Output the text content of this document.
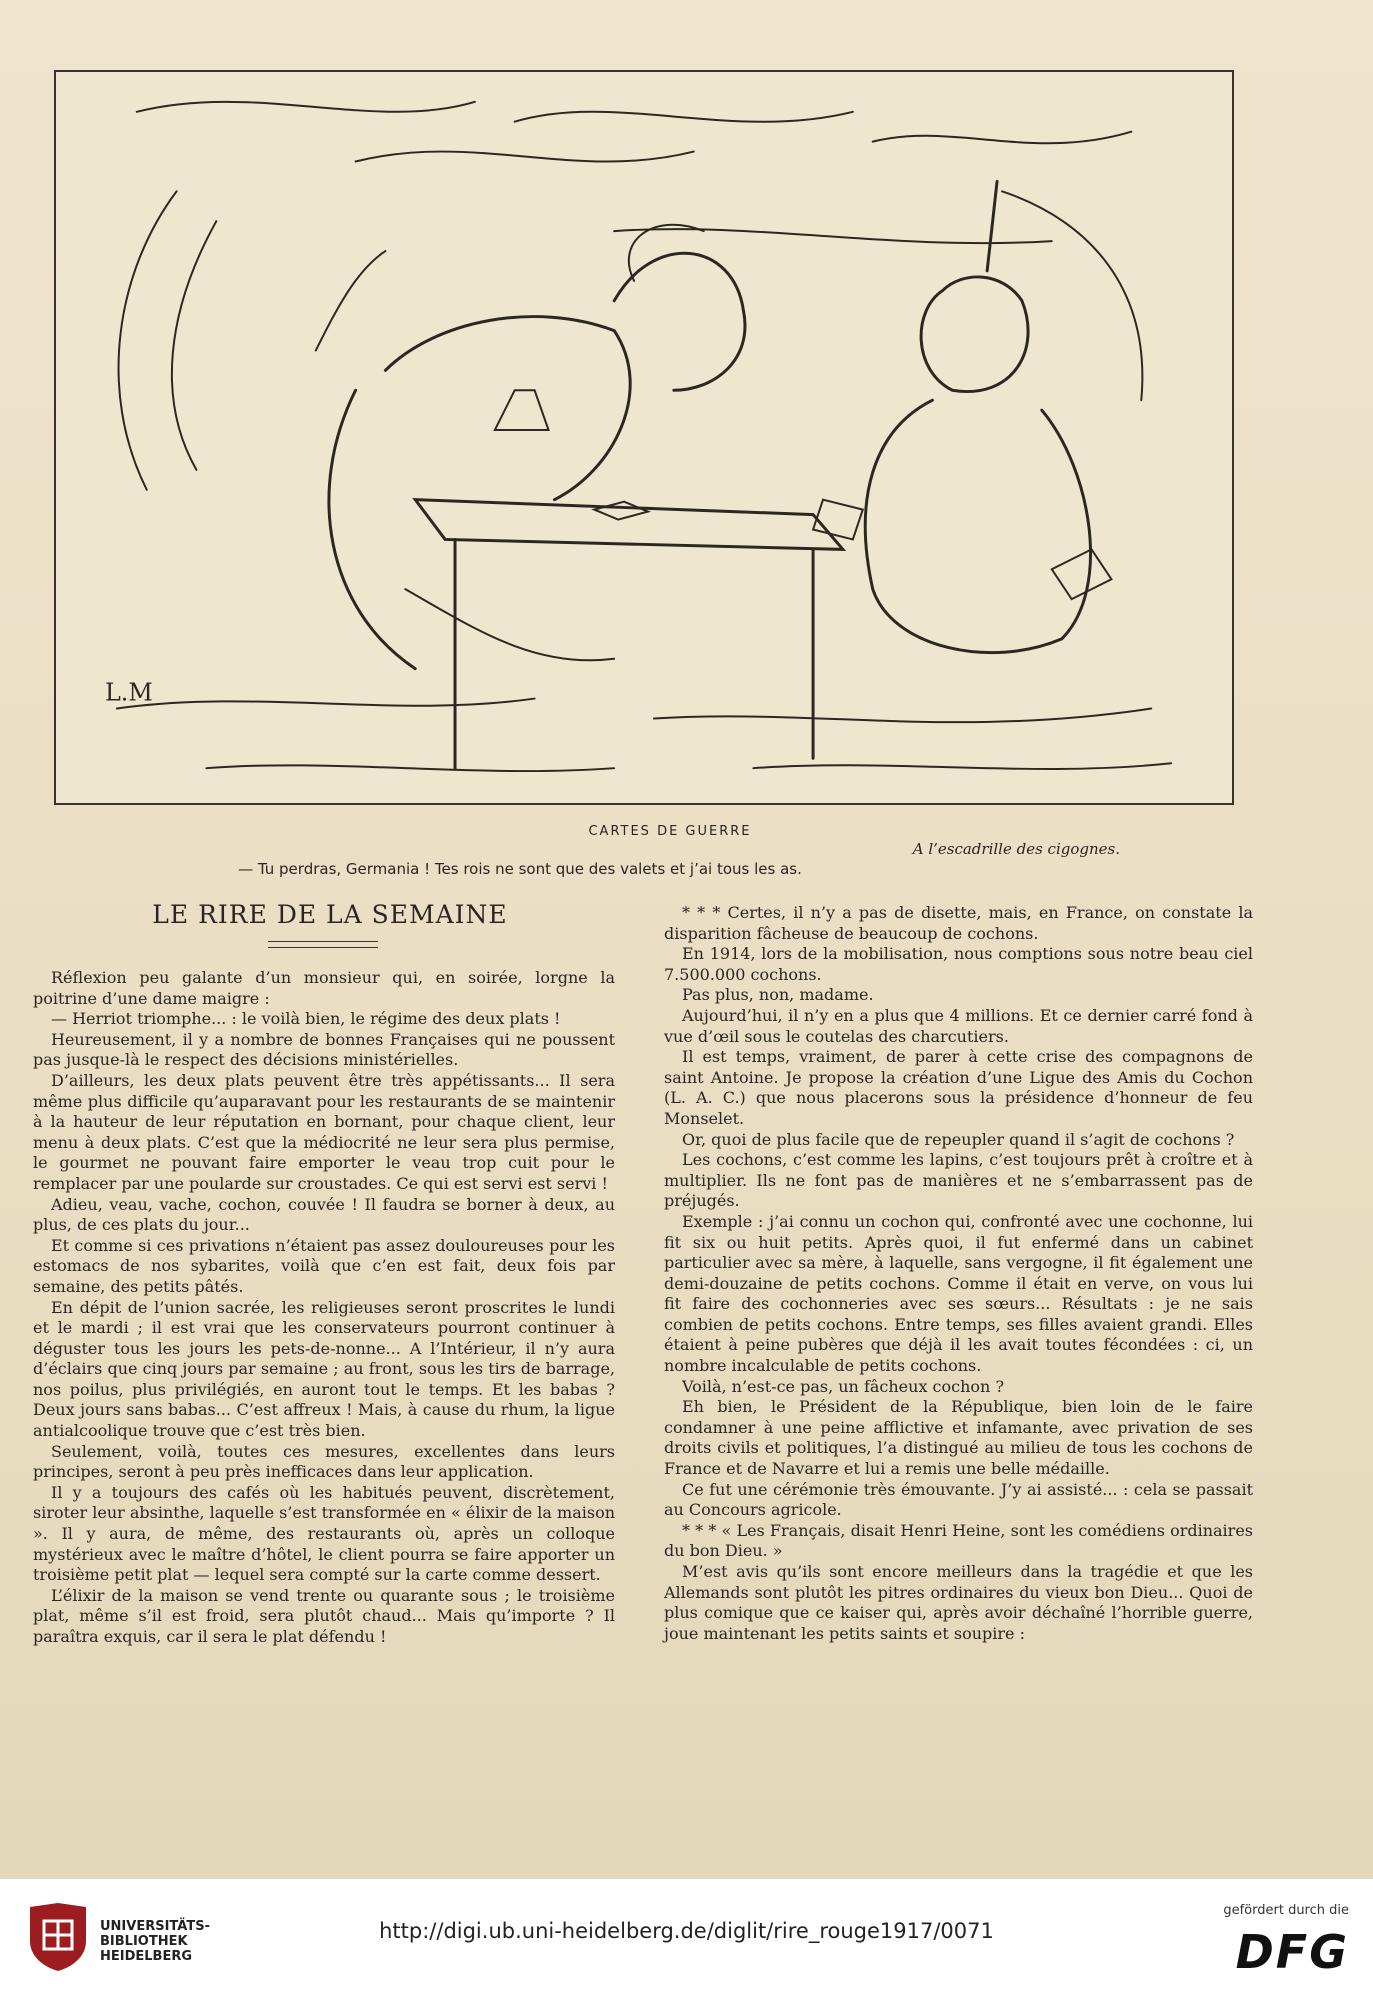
L.M
CARTES DE GUERRE
A l’escadrille des cigognes.
— Tu perdras, Germania ! Tes rois ne sont que des valets et j’ai tous les as.
LE RIRE DE LA SEMAINE

Réflexion peu galante d’un monsieur qui, en soirée, lorgne la poitrine d’une dame maigre :

— Herriot triomphe... : le voilà bien, le régime des deux plats !

Heureusement, il y a nombre de bonnes Françaises qui ne poussent pas jusque-là le respect des décisions ministérielles.

D’ailleurs, les deux plats peuvent être très appétissants... Il sera même plus difficile qu’auparavant pour les restaurants de se maintenir à la hauteur de leur réputation en bornant, pour chaque client, leur menu à deux plats. C’est que la médiocrité ne leur sera plus permise, le gourmet ne pouvant faire emporter le veau trop cuit pour le remplacer par une poularde sur croustades. Ce qui est servi est servi !

Adieu, veau, vache, cochon, couvée ! Il faudra se borner à deux, au plus, de ces plats du jour...

Et comme si ces privations n’étaient pas assez douloureuses pour les estomacs de nos sybarites, voilà que c’en est fait, deux fois par semaine, des petits pâtés.

En dépit de l’union sacrée, les religieuses seront proscrites le lundi et le mardi ; il est vrai que les conservateurs pourront continuer à déguster tous les jours les pets-de-nonne... A l’Intérieur, il n’y aura d’éclairs que cinq jours par semaine ; au front, sous les tirs de barrage, nos poilus, plus privilégiés, en auront tout le temps. Et les babas ? Deux jours sans babas... C’est affreux ! Mais, à cause du rhum, la ligue antialcoolique trouve que c’est très bien.

Seulement, voilà, toutes ces mesures, excellentes dans leurs principes, seront à peu près inefficaces dans leur application.

Il y a toujours des cafés où les habitués peuvent, discrètement, siroter leur absinthe, laquelle s’est transformée en « élixir de la maison ». Il y aura, de même, des restaurants où, après un colloque mystérieux avec le maître d’hôtel, le client pourra se faire apporter un troisième petit plat — lequel sera compté sur la carte comme dessert.

L’élixir de la maison se vend trente ou quarante sous ; le troisième plat, même s’il est froid, sera plutôt chaud... Mais qu’importe ? Il paraîtra exquis, car il sera le plat défendu !

* * * Certes, il n’y a pas de disette, mais, en France, on constate la disparition fâcheuse de beaucoup de cochons.

En 1914, lors de la mobilisation, nous comptions sous notre beau ciel 7.500.000 cochons.

Pas plus, non, madame.

Aujourd’hui, il n’y en a plus que 4 millions. Et ce dernier carré fond à vue d’œil sous le coutelas des charcutiers.

Il est temps, vraiment, de parer à cette crise des compagnons de saint Antoine. Je propose la création d’une Ligue des Amis du Cochon (L. A. C.) que nous placerons sous la présidence d’honneur de feu Monselet.

Or, quoi de plus facile que de repeupler quand il s’agit de cochons ?

Les cochons, c’est comme les lapins, c’est toujours prêt à croître et à multiplier. Ils ne font pas de manières et ne s’embarrassent pas de préjugés.

Exemple : j’ai connu un cochon qui, confronté avec une cochonne, lui fit six ou huit petits. Après quoi, il fut enfermé dans un cabinet particulier avec sa mère, à laquelle, sans vergogne, il fit également une demi-douzaine de petits cochons. Comme il était en verve, on vous lui fit faire des cochonneries avec ses sœurs... Résultats : je ne sais combien de petits cochons. Entre temps, ses filles avaient grandi. Elles étaient à peine pubères que déjà il les avait toutes fécondées : ci, un nombre incalculable de petits cochons.

Voilà, n’est-ce pas, un fâcheux cochon ?

Eh bien, le Président de la République, bien loin de le faire condamner à une peine afflictive et infamante, avec privation de ses droits civils et politiques, l’a distingué au milieu de tous les cochons de France et de Navarre et lui a remis une belle médaille.

Ce fut une cérémonie très émouvante. J’y ai assisté... : cela se passait au Concours agricole.

* * * « Les Français, disait Henri Heine, sont les comédiens ordinaires du bon Dieu. »

M’est avis qu’ils sont encore meilleurs dans la tragédie et que les Allemands sont plutôt les pitres ordinaires du vieux bon Dieu... Quoi de plus comique que ce kaiser qui, après avoir déchaîné l’horrible guerre, joue maintenant les petits saints et soupire :

UNIVERSITÄTS-
BIBLIOTHEK
HEIDELBERG
http://digi.ub.uni-heidelberg.de/diglit/rire_rouge1917/0071
gefördert durch die
DFG
